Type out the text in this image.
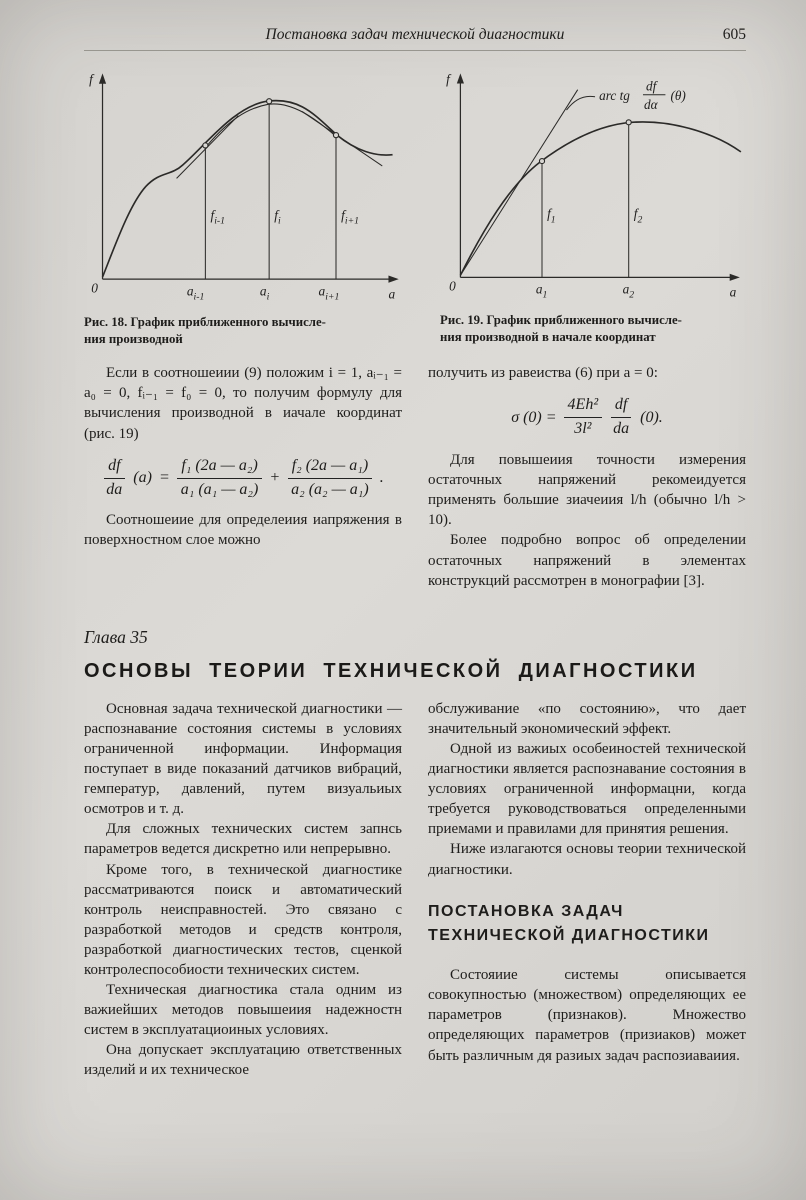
Постановка задач технической диагностики	605
f
a
0
$f_{i-1}$	$f_i$	$f_{i+1}$
$a_{i-1}$	$a_i$	$a_{i+1}$
Рис. 18. График приближенного вычисле-
ния производной
f
a
0
arc tg
df
dα
(θ)
$f_1$	$f_2$
$a_1$	$a_2$
Рис. 19. График приближенного вычисле-
ния производной в начале координат

Если в соотношеиии (9) положим i = 1, aᵢ₋₁ = a₀ = 0, fᵢ₋₁ = f₀ = 0, то получим формулу для вычисления производной в иачале координат (рис. 19)

$\frac{df}{da} (a) = \frac{\text{f₁ (2a — a₂)}}{\text{a₁ (a₁ — a₂)}} + \frac{\text{f₂ (2a — a₁)}}{\text{a₂ (a₂ — a₁)}}$ .

Соотношеиие для определеиия иапряжения в поверхностном слое можно

получить из равеиства (6) при a = 0:

σ $(0) = \frac{\text{4Eh²}}{\text{3l²}} \frac{df}{da} (0)$.

Для повышеиия точности измерения остаточных напряжений рекомеидуется применять большие зиачеиия l/h (обычно l/h > 10).

Более подробно вопрос об определении остаточных напряжений в элементах конструкций рассмотрен в монографии [3].

Глава 35
ОСНОВЫ ТЕОРИИ ТЕХНИЧЕСКОЙ ДИАГНОСТИКИ

Основная задача технической диагностики — распознавание состояния системы в условиях ограниченной информации. Информация поступает в виде показаний датчиков вибраций, гемператур, давлений, путем визуальиых осмотров и т. д.

Для сложных технических систем запнсь параметров ведется дискретно или непрерывно.

Кроме того, в технической диагностике рассматриваются поиск и автоматический контроль неисправностей. Это связано с разработкой методов и средств контроля, разработкой диагностических тестов, сценкой контролеспособиости технических систем.

Техническая диагностика стала одним из важиейших методов повышеиия надежностн систем в эксплуатациоиных условиях.

Она допускает эксплуатацию ответственных изделий и их техническое

обслуживание «по состоянию», что дает значительный экономический эффект.

Одной из важиых особеиностей технической диагностики является распознавание состояния в условиях ограниченной информацни, когда требуется руководствоваться определенными приемами и правилами для принятия решения.

Ниже излагаются основы теории технической диагностики.

ПОСТАНОВКА ЗАДАЧ
ТЕХНИЧЕСКОЙ ДИАГНОСТИКИ

Состояиие системы описывается совокупностью (множеством) определяющих ее параметров (признаков). Множество определяющих параметров (призиаков) может быть различным дя разиых задач распозиаваиия.
